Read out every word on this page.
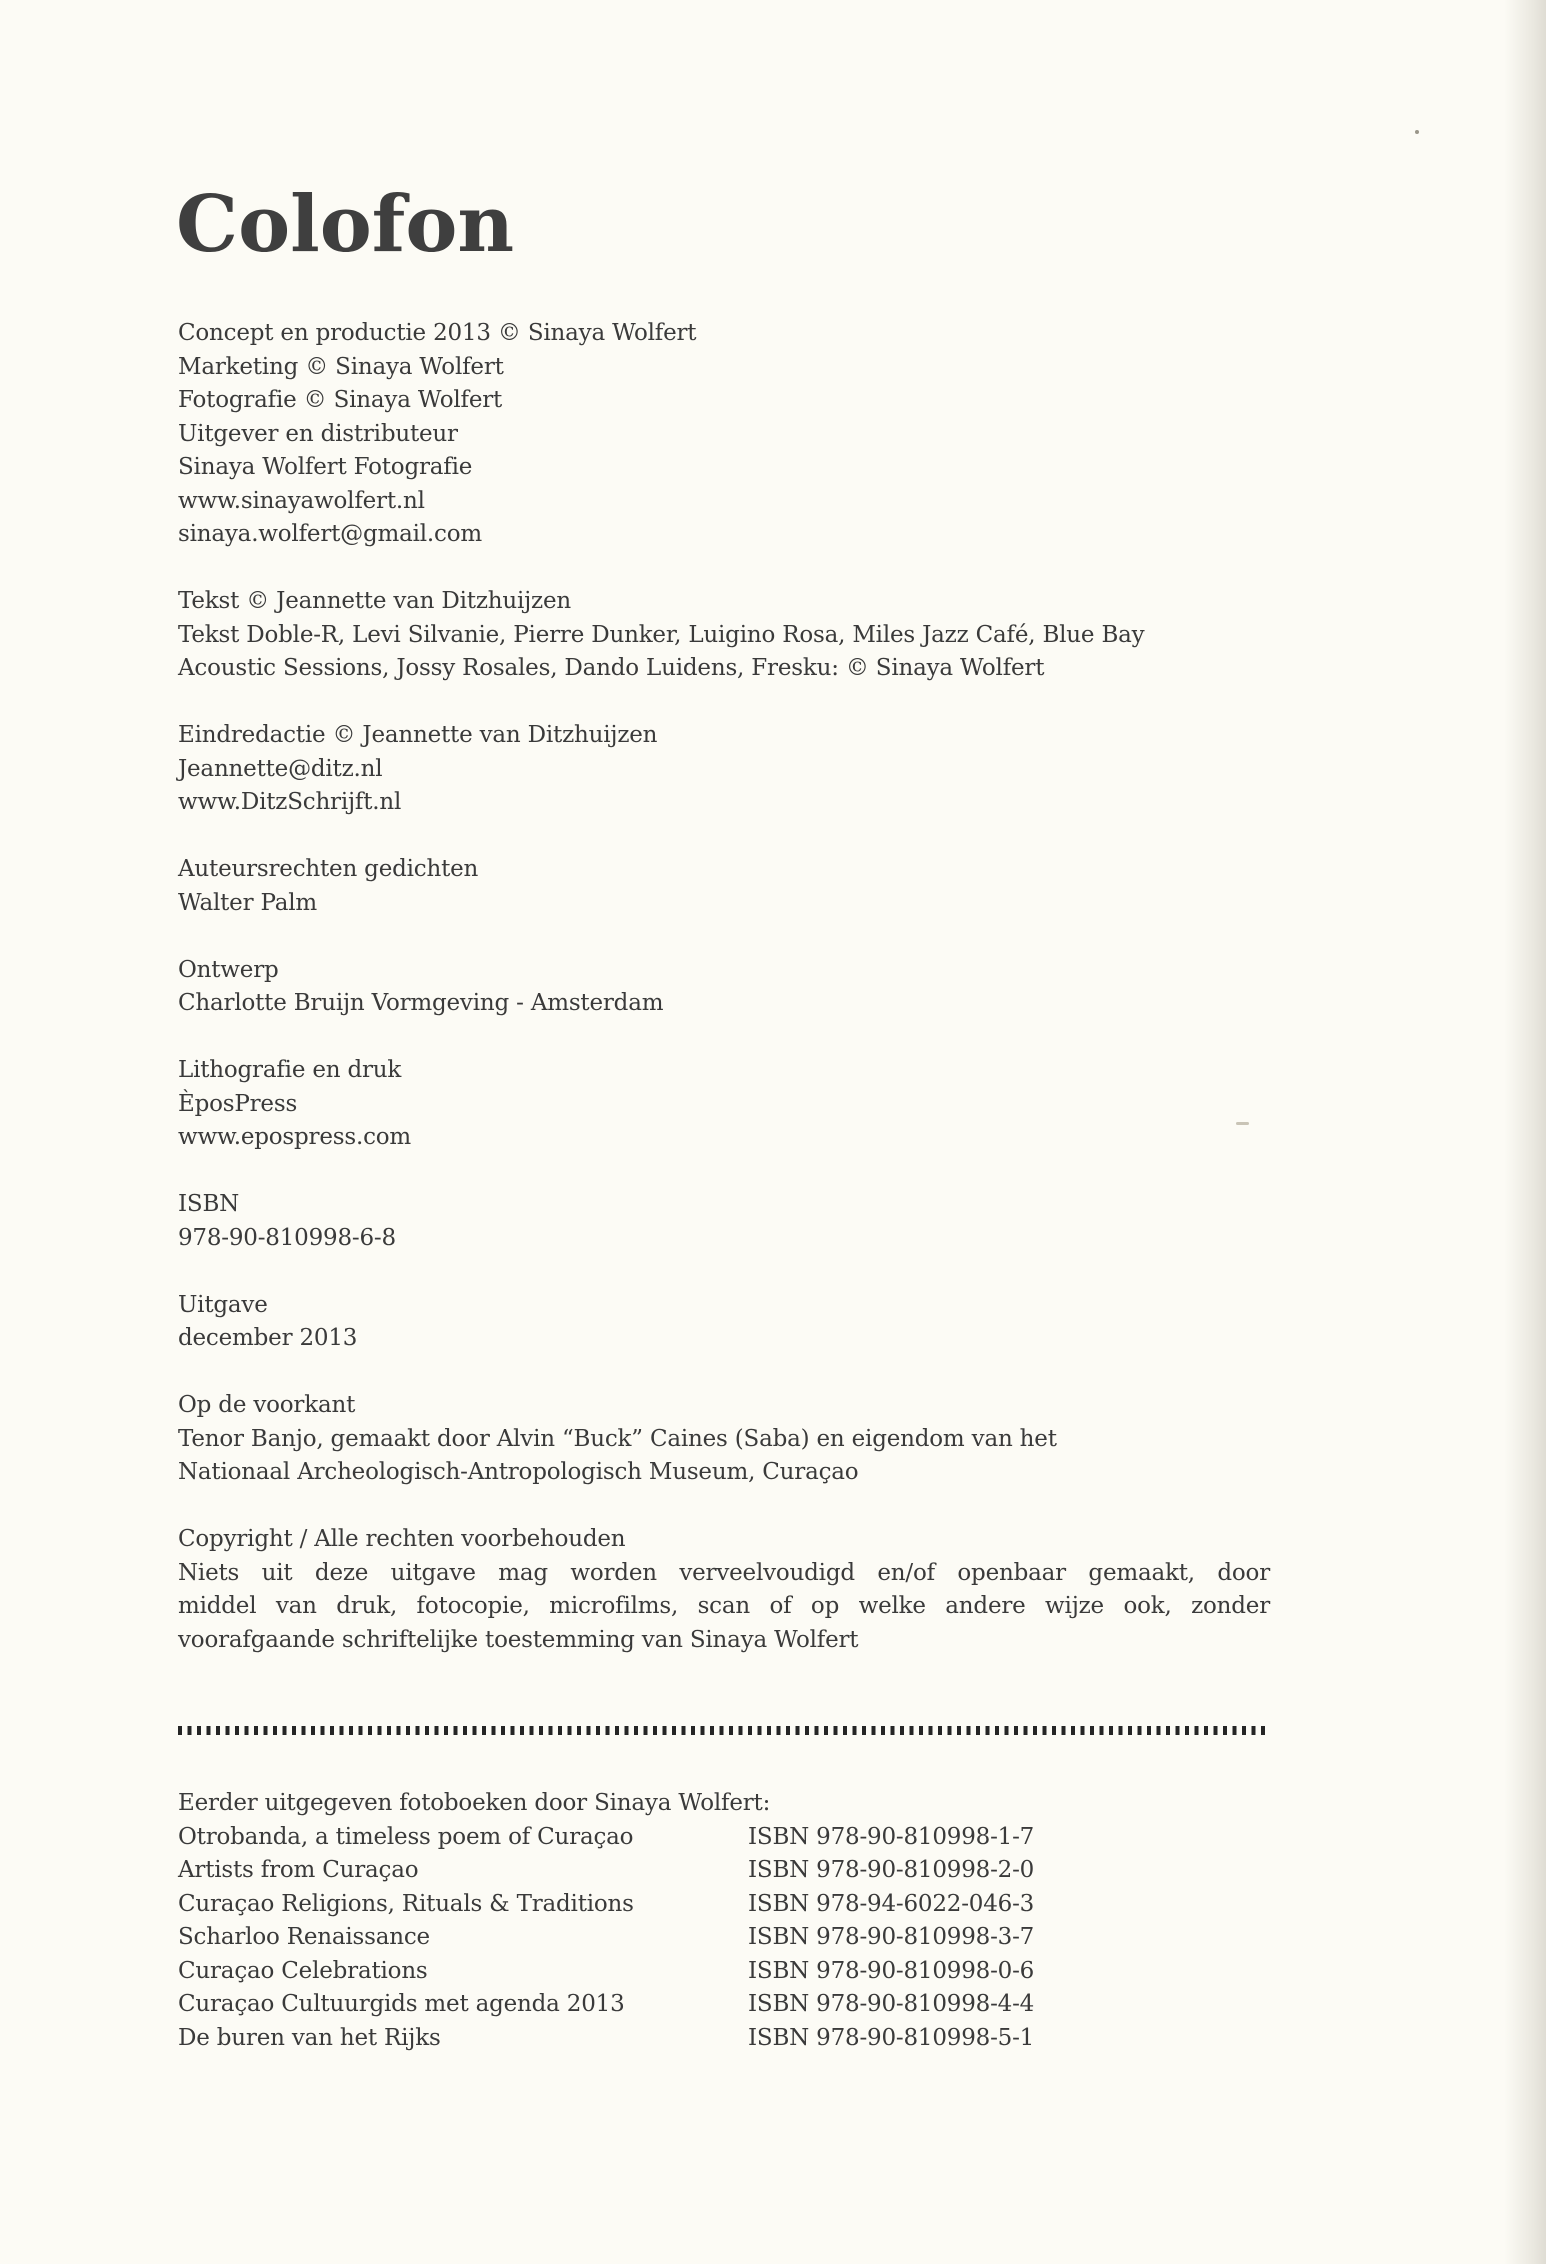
Colofon
Concept en productie 2013 © Sinaya Wolfert
Marketing © Sinaya Wolfert
Fotografie © Sinaya Wolfert
Uitgever en distributeur
Sinaya Wolfert Fotografie
www.sinayawolfert.nl
sinaya.wolfert@gmail.com
Tekst © Jeannette van Ditzhuijzen
Tekst Doble-R, Levi Silvanie, Pierre Dunker, Luigino Rosa, Miles Jazz Café, Blue Bay
Acoustic Sessions, Jossy Rosales, Dando Luidens, Fresku: © Sinaya Wolfert
Eindredactie © Jeannette van Ditzhuijzen
Jeannette@ditz.nl
www.DitzSchrijft.nl
Auteursrechten gedichten
Walter Palm
Ontwerp
Charlotte Bruijn Vormgeving - Amsterdam
Lithografie en druk
ÈposPress
www.epospress.com
ISBN
978-90-810998-6-8
Uitgave
december 2013
Op de voorkant
Tenor Banjo, gemaakt door Alvin “Buck” Caines (Saba) en eigendom van het
Nationaal Archeologisch-Antropologisch Museum, Curaçao
Copyright / Alle rechten voorbehouden
Niets uit deze uitgave mag worden verveelvoudigd en/of openbaar gemaakt, door
middel van druk, fotocopie, microfilms, scan of op welke andere wijze ook, zonder
voorafgaande schriftelijke toestemming van Sinaya Wolfert
Eerder uitgegeven fotoboeken door Sinaya Wolfert:
Otrobanda, a timeless poem of Curaçao	ISBN 978-90-810998-1-7
Artists from Curaçao	ISBN 978-90-810998-2-0
Curaçao Religions, Rituals & Traditions	ISBN 978-94-6022-046-3
Scharloo Renaissance	ISBN 978-90-810998-3-7
Curaçao Celebrations	ISBN 978-90-810998-0-6
Curaçao Cultuurgids met agenda 2013	ISBN 978-90-810998-4-4
De buren van het Rijks	ISBN 978-90-810998-5-1
